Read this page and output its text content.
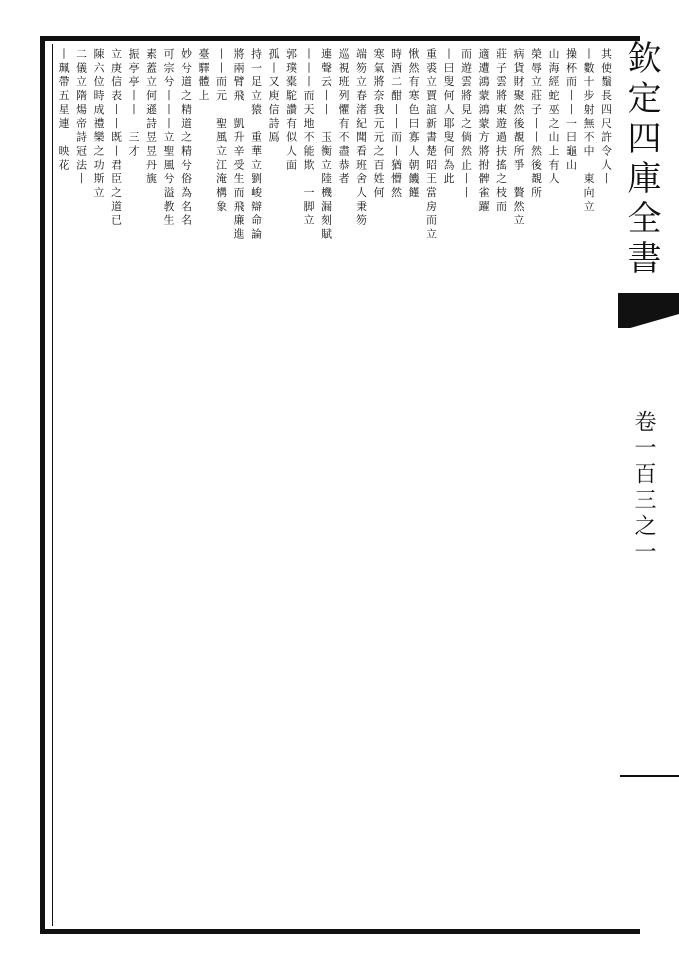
欽定四庫全書
卷一百三之一
其使鬚長四尺許令人丨
丨數十步射無不中　東向立
操杯而丨丨一曰龜山
山海經蛇巫之山上有人
榮辱立莊子丨丨然後覩所
病貨財聚然後覩所爭　贅然立
莊子雲將東遊過扶搖之枝而
適遭鴻蒙鴻蒙方將拊髀雀躍
而遊雲將見之倘然止丨丨
丨曰叟何人耶叟何為此
重裘立賈誼新書楚昭王當房而立
愀然有寒色曰寡人朝饑饉
時酒二酣丨丨而丨猶懵然
寒氣將奈我元元之百姓何
端笏立春渚紀聞看班舍人秉笏
巡視班列懼有不盡恭者
連聲云丨丨　玉衡立陸機漏刻賦
丨丨丨而天地不能欺　一脚立
郭璞橐駝讚有似人面
孤丨又庾信詩鳫
持一足立猿　重華立劉峻辯命論
將兩臂飛　凱升辛受生而飛廉進
丨丨而元　聖風立江淹構象
臺驛體上
妙兮道之精道之精兮俗為名名
可宗兮丨丨丨立聖風兮溢教生
素蓋立何遜詩昱昱丹旐
振亭亭丨丨　三才
立庚信表丨丨既丨君臣之道已
陳六位時成禮樂之功斯立
二儀立隋煬帝詩冠法丨
丨珮帶五星連　映花
